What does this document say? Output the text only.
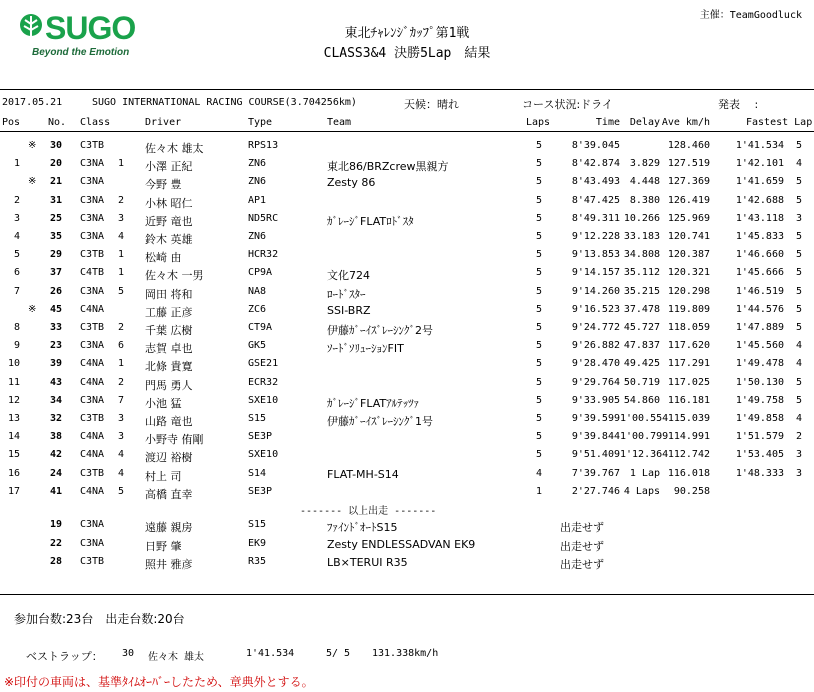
SUGO
Beyond the Emotion
主催：TeamGoodluck
東北ﾁｬﾚﾝｼﾞｶｯﾌﾟ第1戦
CLASS3&4 決勝5Lap　結果
2017.05.21	SUGO INTERNATIONAL RACING COURSE(3.704256km)	天候：晴れ	コース状況:ドライ	発表　 :
Pos	No. Class	Driver	Type	Team	Laps	Time Delay Ave km/h	Fastest Lap
※	30 C3TB	佐々木 雄太	RPS13	5	8'39.045	128.460	1'41.534	5
1	20 C3NA	1 小澤 正紀	ZN6	東北86/BRZcrew黒親方	5	8'42.874 3.829 127.519	1'42.101	4
※	21 C3NA	今野 豊	ZN6	Zesty 86	5	8'43.493 4.448 127.369	1'41.659	5
2	31 C3NA	2 小林 昭仁	AP1	5	8'47.425 8.380 126.419	1'42.688	5
3	25 C3NA	3 近野 竜也	ND5RC	ｶﾞﾚｰｼﾞFLATﾛﾄﾞｽﾀ	5	8'49.311 10.266 125.969	1'43.118	3
4	35 C3NA	4 鈴木 英雄	ZN6	5	9'12.228 33.183 120.741	1'45.833	5
5	29 C3TB	1 松崎 由	HCR32	5	9'13.853 34.808 120.387	1'46.660	5
6	37 C4TB	1 佐々木 一男	CP9A	文化724	5	9'14.157 35.112 120.321	1'45.666	5
7	26 C3NA	5 岡田 将和	NA8	ﾛｰﾄﾞｽﾀｰ	5	9'14.260 35.215 120.298	1'46.519	5
※	45 C4NA	工藤 正彦	ZC6	SSI-BRZ	5	9'16.523 37.478 119.809	1'44.576	5
8	33 C3TB	2 千葉 広樹	CT9A	伊藤ｶﾞｰｲｽﾞﾚｰｼﾝｸﾞ2号	5	9'24.772 45.727 118.059	1'47.889	5
9	23 C3NA	6 志賀 卓也	GK5	ｿｰﾄﾞｿﾘｭｰｼｮﾝFIT	5	9'26.882 47.837 117.620	1'45.560	4
10	39 C4NA	1 北條 貴寛	GSE21	5	9'28.470 49.425 117.291	1'49.478	4
11	43 C4NA	2 門馬 勇人	ECR32	5	9'29.764 50.719 117.025	1'50.130	5
12	34 C3NA	7 小池 猛	SXE10	ｶﾞﾚｰｼﾞFLATｱﾙﾃｯﾂｧ	5	9'33.905 54.860 116.181	1'49.758	5
13	32 C3TB	3 山路 竜也	S15	伊藤ｶﾞｰｲｽﾞﾚｰｼﾝｸﾞ1号	5	9'39.599 1'00.554 115.039	1'49.858	4
14	38 C4NA	3 小野寺 侑剛	SE3P	5	9'39.844 1'00.799 114.991	1'51.579	2
15	42 C4NA	4 渡辺 裕樹	SXE10	5	9'51.409 1'12.364 112.742	1'53.405	3
16	24 C3TB	4 村上 司	S14	FLAT-MH-S14	4	7'39.767 1 Lap 116.018	1'48.333	3
17	41 C4NA	5 高橋 直幸	SE3P	1	2'27.746 4 Laps	90.258
------- 以上出走 -------
19 C3NA	遠藤 親房	S15	ﾌｧｲﾝﾄﾞｵｰﾄS15	出走せず
22 C3NA	日野 肇	EK9	Zesty ENDLESSADVAN EK9	出走せず
28 C3TB	照井 雅彦	R35	LB×TERUI R35	出走せず
参加台数:23台　出走台数:20台
ベストラップ： 30 佐々木 雄太	1'41.534	5/ 5 131.338km/h
※印付の車両は、基準ﾀｲﾑｵｰﾊﾞｰしたため、章典外とする。
